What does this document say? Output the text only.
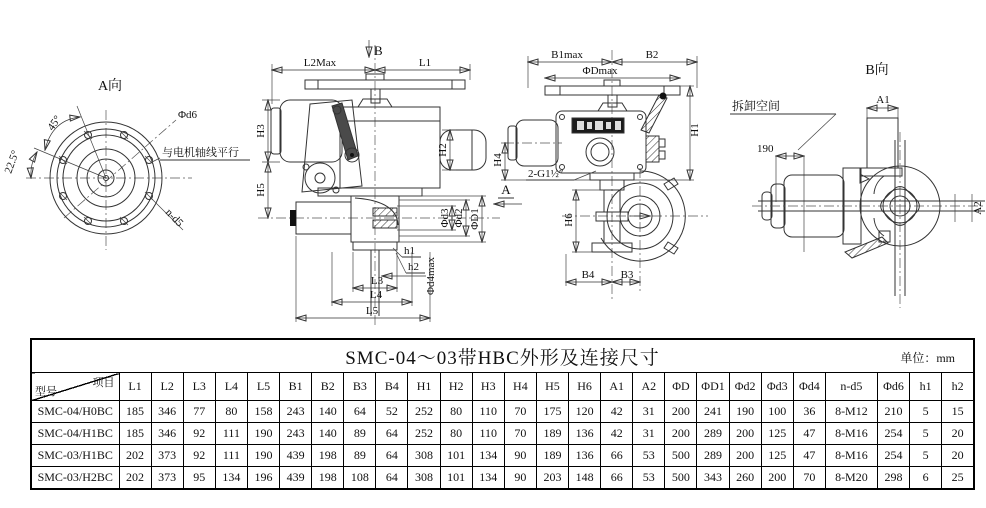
A向
45°
22.5°
Φd6
与电机轴线平行
n-d5
B
L2Max	L1
H3
H5
H2
Φd3 Φd2 ΦD1
h1
h2 Φd4max
L3
L4
L5
A
B1max	B2
ΦDmax
H1
H4
2-G1½″
H6
B4 B3
B向
拆卸空间
190
A1
A2
SMC-04～03带HBC外形及连接尺寸 单位：mm																										

项目
型号	L1	L2	L3	L4	L5	B1	B2	B3	B4	H1	H2	H3	H4	H5	H6	A1	A2	ΦD	ΦD1	Φd2	Φd3	Φd4	n-d5	Φd6	h1	h2
SMC-04/H0BC	185	346	77	80	158	243	140	64	52	252	80	110	70	175	120	42	31	200	241	190	100	36	8-M12	210	5	15
SMC-04/H1BC	185	346	92	111	190	243	140	89	64	252	80	110	70	189	136	42	31	200	289	200	125	47	8-M16	254	5	20
SMC-03/H1BC	202	373	92	111	190	439	198	89	64	308	101	134	90	189	136	66	53	500	289	200	125	47	8-M16	254	5	20
SMC-03/H2BC	202	373	95	134	196	439	198	108	64	308	101	134	90	203	148	66	53	500	343	260	200	70	8-M20	298	6	25
